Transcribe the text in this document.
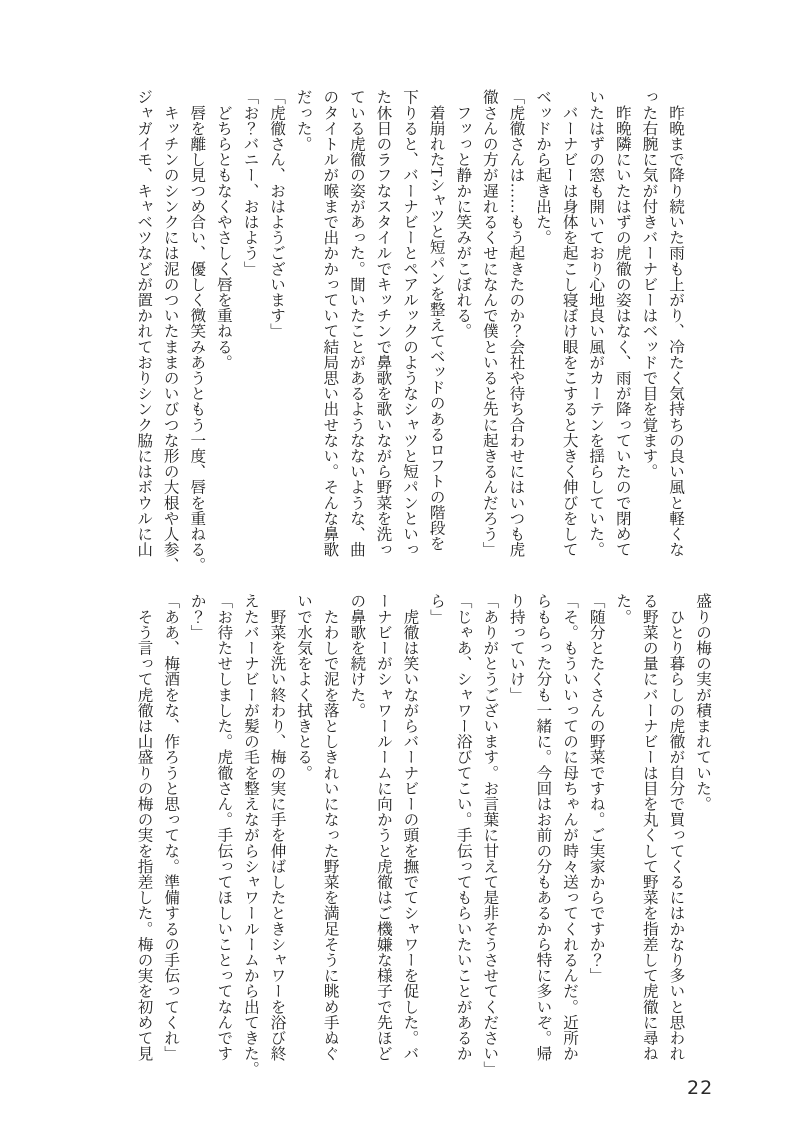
　昨晩まで降り続いた雨も上がり、冷たく気持ちの良い風と軽くな
った右腕に気が付きバーナビーはベッドで目を覚ます。
　昨晩隣にいたはずの虎徹の姿はなく、雨が降っていたので閉めて
いたはずの窓も開いており心地良い風がカーテンを揺らしていた。
　バーナビーは身体を起こし寝ぼけ眼をこすると大きく伸びをして
ベッドから起き出た。
「虎徹さんは……もう起きたのか？会社や待ち合わせにはいつも虎
徹さんの方が遅れるくせになんで僕といると先に起きるんだろう」
　フッっと静かに笑みがこぼれる。
　着崩れたTシャツと短パンを整えてベッドのあるロフトの階段を
下りると、バーナビーとペアルックのようなシャツと短パンといっ
た休日のラフなスタイルでキッチンで鼻歌を歌いながら野菜を洗っ
ている虎徹の姿があった。聞いたことがあるようなないような、曲
のタイトルが喉まで出かかっていて結局思い出せない。そんな鼻歌
だった。
「虎徹さん、おはようございます」
「お？バニー、おはよう」
　どちらともなくやさしく唇を重ねる。
　唇を離し見つめ合い、優しく微笑みあうともう一度、唇を重ねる。
　キッチンのシンクには泥のついたままのいびつな形の大根や人参、
ジャガイモ、キャベツなどが置かれておりシンク脇にはボウルに山
盛りの梅の実が積まれていた。
　ひとり暮らしの虎徹が自分で買ってくるにはかなり多いと思われ
る野菜の量にバーナビーは目を丸くして野菜を指差して虎徹に尋ね
た。
「随分とたくさんの野菜ですね。ご実家からですか？」
「そ。もういいってのに母ちゃんが時々送ってくれるんだ。近所か
らもらった分も一緒に。今回はお前の分もあるから特に多いぞ。帰
り持っていけ」
「ありがとうございます。お言葉に甘えて是非そうさせてください」
「じゃあ、シャワー浴びてこい。手伝ってもらいたいことがあるか
ら」
　虎徹は笑いながらバーナビーの頭を撫でてシャワーを促した。バ
ーナビーがシャワールームに向かうと虎徹はご機嫌な様子で先ほど
の鼻歌を続けた。
　たわしで泥を落としきれいになった野菜を満足そうに眺め手ぬぐ
いで水気をよく拭きとる。
　野菜を洗い終わり、梅の実に手を伸ばしたときシャワーを浴び終
えたバーナビーが髪の毛を整えながらシャワールームから出てきた。
「お待たせしました。虎徹さん。手伝ってほしいことってなんです
か？」
「ああ、梅酒をな、作ろうと思ってな。準備するの手伝ってくれ」
　そう言って虎徹は山盛りの梅の実を指差した。梅の実を初めて見
22
